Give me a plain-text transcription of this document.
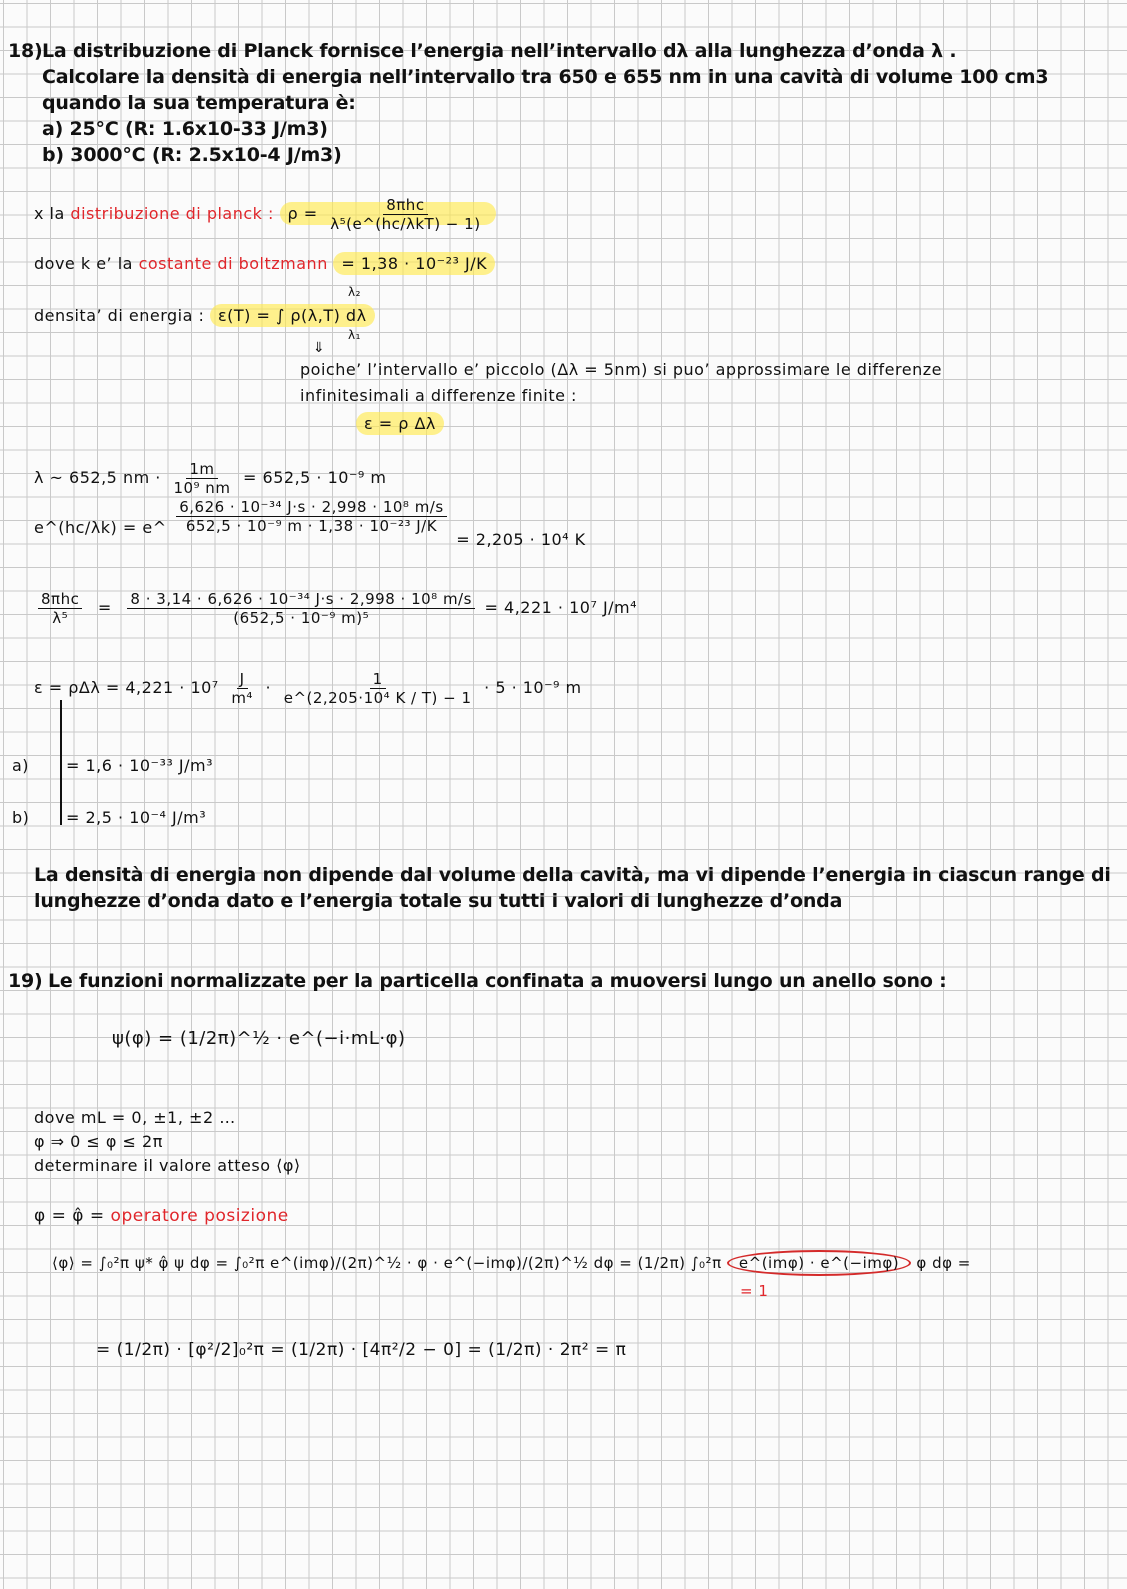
18) La distribuzione di Planck fornisce l’energia nell’intervallo dλ alla lunghezza d’onda λ .
Calcolare la densità di energia nell’intervallo tra 650 e 655 nm in una cavità di volume 100 cm3
quando la sua temperatura è:
a) 25°C (R: 1.6x10-33 J/m3)
b) 3000°C (R: 2.5x10-4 J/m3)
x la distribuzione di planck : $\rho = \frac{\text{8πhc}}{\text{λ⁵(e\textasciicircum{}(hc/λkT) − 1)}}$
dove k e’ la costante di boltzmann = 1,38 · 10⁻²³ J/K
densita’ di energia : ε(T) = ∫ ρ(λ,T) dλ
λ₂
λ₁
⇓
poiche’ l’intervallo e’ piccolo (Δλ = 5nm) si puo’ approssimare le differenze
infinitesimali a differenze finite :
ε = ρ Δλ
λ ~ 652,5 nm · $\frac{1m}{\text{10⁹ nm}} = 652,5 \cdot 10^{-9}$ m
e^(hc/λk) = e^ $\frac{\text{6,626 · 10⁻³⁴ J·s · 2,998 · 10⁸ m/s}}{\text{652,5 · 10⁻⁹ m · 1,38 · 10⁻²³ J/K}}$
= 2,205 · 10⁴ K
$\frac{\text{8πhc}}{\text{λ⁵}} = \frac{\text{8 · 3,14 · 6,626 · 10⁻³⁴ J·s · 2,998 · 10⁸ m/s}}{\text{(652,5 · 10⁻⁹ m)⁵}} = 4,221 \cdot 10^7$ J/m⁴
$\varepsilon = \rho\Delta\lambda = 4,221 \cdot 10^7 \frac{J}{\text{m⁴}} \cdot \frac{1}{\text{e\textasciicircum{}(2,205·10⁴ K / T) − 1}} \cdot 5 \cdot 10^{-9}$ m
a) = 1,6 · 10⁻³³ J/m³
b) = 2,5 · 10⁻⁴ J/m³
La densità di energia non dipende dal volume della cavità, ma vi dipende l’energia in ciascun range di
lunghezze d’onda dato e l’energia totale su tutti i valori di lunghezze d’onda
19) Le funzioni normalizzate per la particella confinata a muoversi lungo un anello sono :
ψ(φ) = (1/2π)^½ · e^(−i·mL·φ)
dove mL = 0, ±1, ±2 …
φ ⇒ 0 ≤ φ ≤ 2π
determinare il valore atteso ⟨φ⟩
φ = φ̂ = operatore posizione
⟨φ⟩ = ∫₀²π ψ* φ̂ ψ dφ = ∫₀²π e^(imφ)/(2π)^½ · φ · e^(−imφ)/(2π)^½ dφ = (1/2π) ∫₀²π e^(imφ) · e^(−imφ) φ dφ =
= 1
= (1/2π) · [φ²/2]₀²π = (1/2π) · [4π²/2 − 0] = (1/2π) · 2π² = π
